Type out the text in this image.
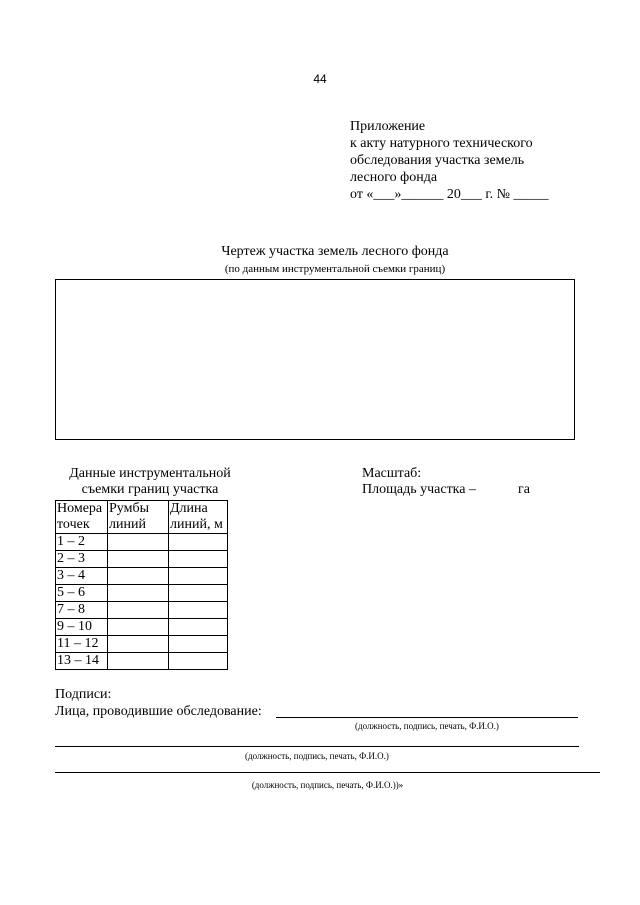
44
Приложение
к акту натурного технического
обследования участка земель
лесного фонда
от «___»______ 20___ г. № _____
Чертеж участка земель лесного фонда
(по данным инструментальной съемки границ)
Данные инструментальной
съемки границ участка
Масштаб:
Площадь участка –	га
Номера точек	Румбы линий	Длина линий, м
1 – 2		
2 – 3		
3 – 4		
5 – 6		
7 – 8		
9 – 10		
11 – 12		
13 – 14		
Подписи:
Лица, проводившие обследование:
(должность, подпись, печать, Ф.И.О.)
(должность, подпись, печать, Ф.И.О.)
(должность, подпись, печать, Ф.И.О.))»
